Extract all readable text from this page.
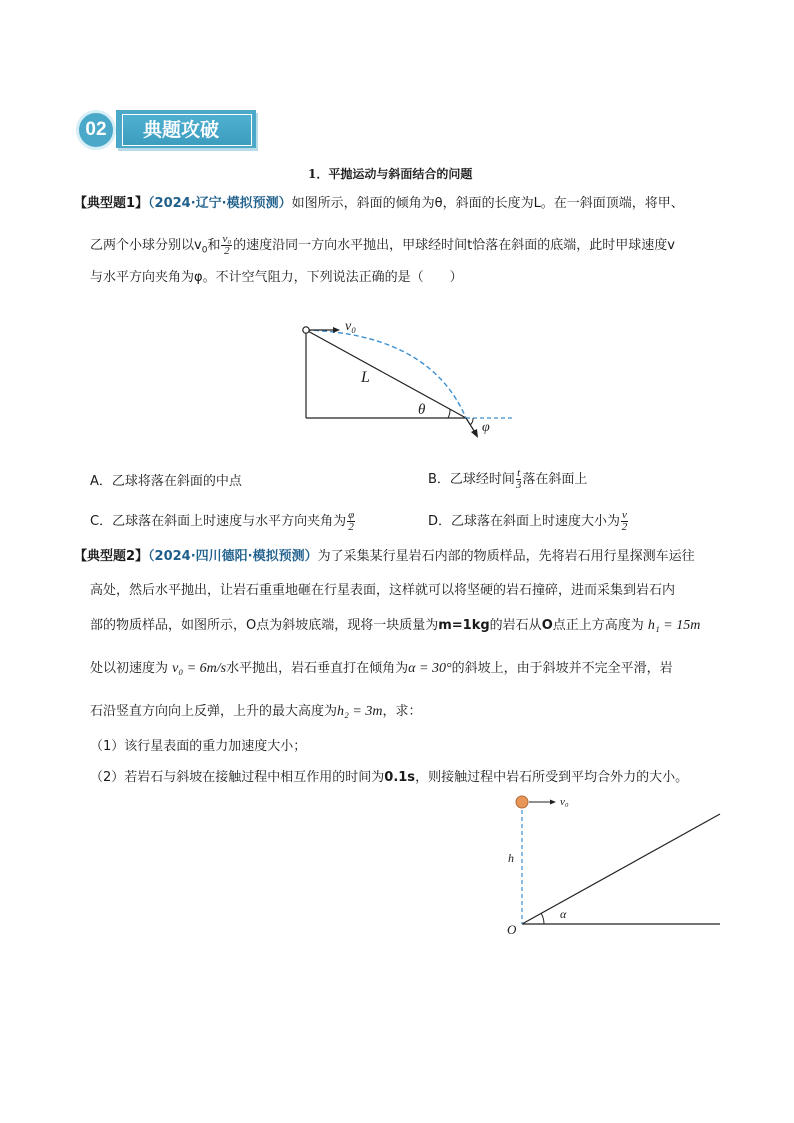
典题攻破
02
1．平抛运动与斜面结合的问题
【典型题1】（2024·辽宁·模拟预测）如图所示，斜面的倾角为θ，斜面的长度为L。在一斜面顶端，将甲、
乙两个小球分别以$v_0$和 $\frac{\text{v₀}}{2}$ 的速度沿同一方向水平抛出，甲球经时间t恰落在斜面的底端，此时甲球速度v
与水平方向夹角为φ。不计空气阻力，下列说法正确的是（　　）
v₀
L
θ
φ
A．乙球将落在斜面的中点	B．乙球经时间 $\frac{t}{3}$ 落在斜面上
C．乙球落在斜面上时速度与水平方向夹角为 $\frac{\varphi}{2}$	D．乙球落在斜面上时速度大小为 $\frac{v}{2}$
【典型题2】（2024·四川德阳·模拟预测）为了采集某行星岩石内部的物质样品，先将岩石用行星探测车运往
高处，然后水平抛出，让岩石重重地砸在行星表面，这样就可以将坚硬的岩石撞碎，进而采集到岩石内
部的物质样品，如图所示，O点为斜坡底端，现将一块质量为m=1kg的岩石从O点正上方高度为 h₁ = 15m
处以初速度为 v₀ = 6m/s水平抛出，岩石垂直打在倾角为α = 30°的斜坡上，由于斜坡并不完全平滑，岩
石沿竖直方向向上反弹，上升的最大高度为h₂ = 3m，求：
（1）该行星表面的重力加速度大小；
（2）若岩石与斜坡在接触过程中相互作用的时间为0.1s，则接触过程中岩石所受到平均合外力的大小。
v₀
h
O
α
